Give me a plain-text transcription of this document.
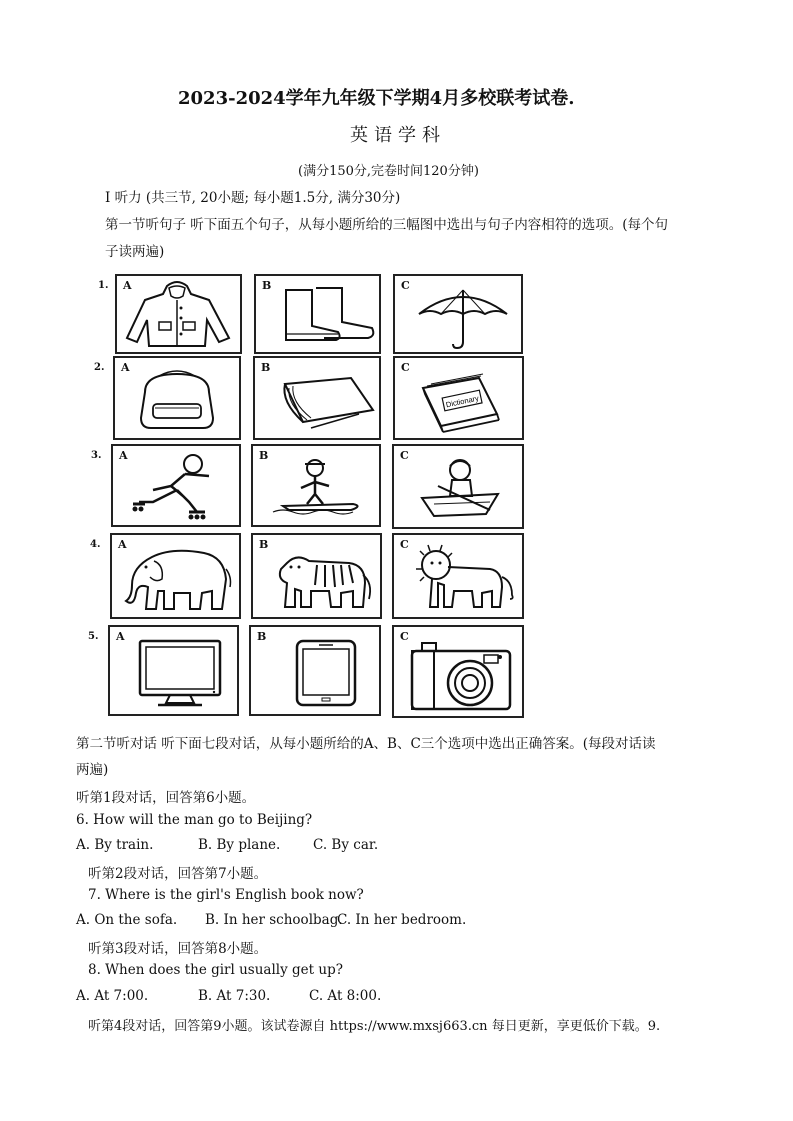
2023-2024学年九年级下学期4月多校联考试卷.
英语学科
(满分150分,完卷时间120分钟)
I 听力 (共三节, 20小题; 每小题1.5分, 满分30分)
第一节听句子 听下面五个句子，从每小题所给的三幅图中选出与句子内容相符的选项。(每个句
子读两遍)
1. A	B	C
2. A	B	C
Dictionary
3. A	B	C
4. A	B	C
5. A	B	C
第二节听对话 听下面七段对话，从每小题所给的A、B、C三个选项中选出正确答案。(每段对话读
两遍)
听第1段对话，回答第6小题。
6. How will the man go to Beijing?
A. By train.	B. By plane. C. By car.
听第2段对话，回答第7小题。
7. Where is the girl's English book now?
A. On the sofa. B. In her schoolbag.
C. In her bedroom.
听第3段对话，回答第8小题。
8. When does the girl usually get up?
A. At 7:00.	B. At 7:30.	C. At 8:00.
听第4段对话，回答第9小题。该试卷源自 https://www.mxsj663.cn 每日更新，享更低价下载。9.
